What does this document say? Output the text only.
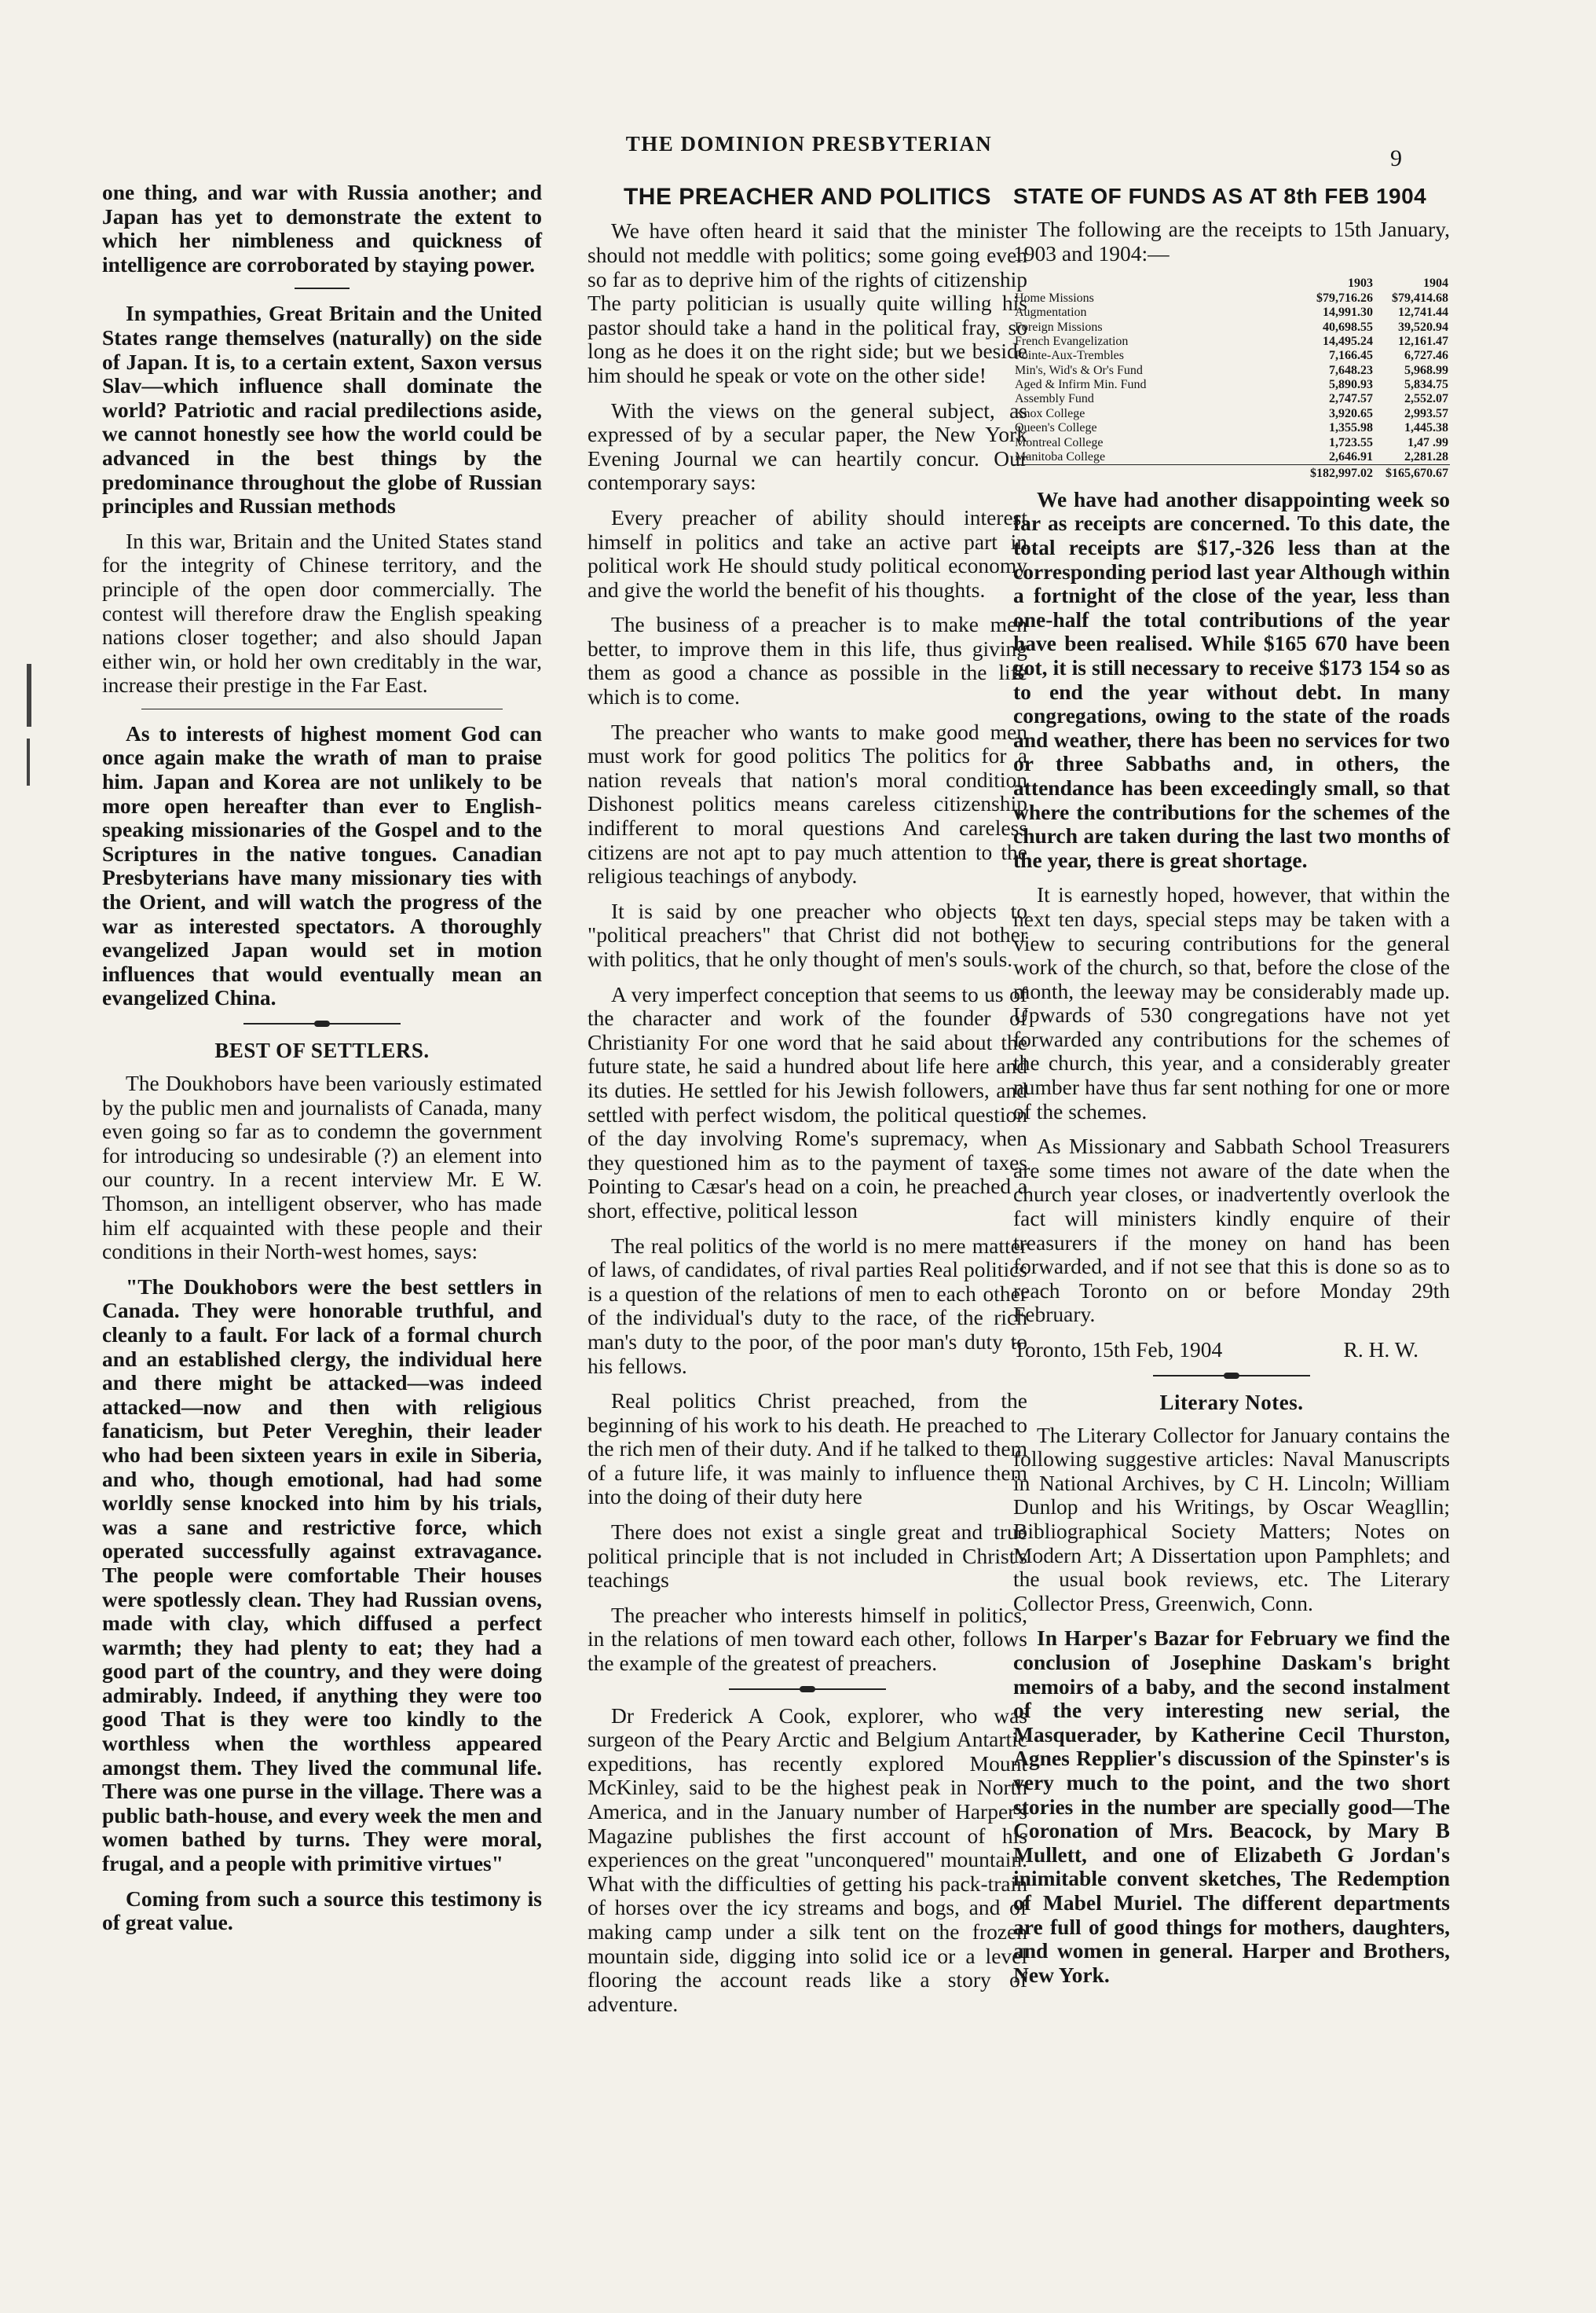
THE DOMINION PRESBYTERIAN
9

one thing, and war with Russia another; and Japan has yet to demonstrate the extent to which her nimbleness and quickness of intelligence are corroborated by staying power.

In sympathies, Great Britain and the United States range themselves (naturally) on the side of Japan. It is, to a certain extent, Saxon versus Slav—which influence shall dominate the world? Patriotic and racial predilections aside, we cannot honestly see how the world could be advanced in the best things by the predominance throughout the globe of Russian principles and Russian methods

In this war, Britain and the United States stand for the integrity of Chinese territory, and the principle of the open door commercially. The contest will therefore draw the English speaking nations closer together; and also should Japan either win, or hold her own creditably in the war, increase their prestige in the Far East.

As to interests of highest moment God can once again make the wrath of man to praise him. Japan and Korea are not unlikely to be more open hereafter than ever to English-speaking missionaries of the Gospel and to the Scriptures in the native tongues. Canadian Presbyterians have many missionary ties with the Orient, and will watch the progress of the war as interested spectators. A thoroughly evangelized Japan would set in motion influences that would eventually mean an evangelized China.

BEST OF SETTLERS.

The Doukhobors have been variously estimated by the public men and journalists of Canada, many even going so far as to condemn the government for introducing so undesirable (?) an element into our country. In a recent interview Mr. E W. Thomson, an intelligent observer, who has made him elf acquainted with these people and their conditions in their North-west homes, says:

"The Doukhobors were the best settlers in Canada. They were honorable truthful, and cleanly to a fault. For lack of a formal church and an established clergy, the individual here and there might be attacked—was indeed attacked—now and then with religious fanaticism, but Peter Vereghin, their leader who had been sixteen years in exile in Siberia, and who, though emotional, had had some worldly sense knocked into him by his trials, was a sane and restrictive force, which operated successfully against extravagance. The people were comfortable Their houses were spotlessly clean. They had Russian ovens, made with clay, which diffused a perfect warmth; they had plenty to eat; they had a good part of the country, and they were doing admirably. Indeed, if anything they were too good That is they were too kindly to the worthless when the worthless appeared amongst them. They lived the communal life. There was one purse in the village. There was a public bath-house, and every week the men and women bathed by turns. They were moral, frugal, and a people with primitive virtues"

Coming from such a source this testimony is of great value.

THE PREACHER AND POLITICS

We have often heard it said that the minister should not meddle with politics; some going even so far as to deprive him of the rights of citizenship The party politician is usually quite willing his pastor should take a hand in the political fray, so long as he does it on the right side; but we beside him should he speak or vote on the other side!

With the views on the general subject, as expressed of by a secular paper, the New York Evening Journal we can heartily concur. Our contemporary says:

Every preacher of ability should interest himself in politics and take an active part in political work He should study political economy and give the world the benefit of his thoughts.

The business of a preacher is to make men better, to improve them in this life, thus giving them as good a chance as possible in the life which is to come.

The preacher who wants to make good men must work for good politics The politics for a nation reveals that nation's moral condition Dishonest politics means careless citizenship indifferent to moral questions And careless citizens are not apt to pay much attention to the religious teachings of anybody.

It is said by one preacher who objects to "political preachers" that Christ did not bother with politics, that he only thought of men's souls.

A very imperfect conception that seems to us of the character and work of the founder of Christianity For one word that he said about the future state, he said a hundred about life here and its duties. He settled for his Jewish followers, and settled with perfect wisdom, the political question of the day involving Rome's supremacy, when they questioned him as to the payment of taxes Pointing to Cæsar's head on a coin, he preached a short, effective, political lesson

The real politics of the world is no mere matter of laws, of candidates, of rival parties Real politics is a question of the relations of men to each other of the individual's duty to the race, of the rich man's duty to the poor, of the poor man's duty to his fellows.

Real politics Christ preached, from the beginning of his work to his death. He preached to the rich men of their duty. And if he talked to them of a future life, it was mainly to influence them into the doing of their duty here

There does not exist a single great and true political principle that is not included in Christ's teachings

The preacher who interests himself in politics, in the relations of men toward each other, follows the example of the greatest of preachers.

Dr Frederick A Cook, explorer, who was surgeon of the Peary Arctic and Belgium Antartic expeditions, has recently explored Mount McKinley, said to be the highest peak in North America, and in the January number of Harper's Magazine publishes the first account of his experiences on the great "unconquered" mountain. What with the difficulties of getting his pack-train of horses over the icy streams and bogs, and of making camp under a silk tent on the frozen mountain side, digging into solid ice or a level flooring the account reads like a story of adventure.

STATE OF FUNDS AS AT 8th FEB 1904

The following are the receipts to 15th January, 1903 and 1904:—

	1903	1904
Home Missions	$79,716.26	$79,414.68
Augmentation	14,991.30	12,741.44
Foreign Missions	40,698.55	39,520.94
French Evangelization	14,495.24	12,161.47
Pointe-Aux-Trembles	7,166.45	6,727.46
Min's, Wid's & Or's Fund	7,648.23	5,968.99
Aged & Infirm Min. Fund	5,890.93	5,834.75
Assembly Fund	2,747.57	2,552.07
Knox College	3,920.65	2,993.57
Queen's College	1,355.98	1,445.38
Montreal College	1,723.55	1,47 .99
Manitoba College	2,646.91	2,281.28
	$182,997.02	$165,670.67

We have had another disappointing week so far as receipts are concerned. To this date, the total receipts are $17,-326 less than at the corresponding period last year Although within a fortnight of the close of the year, less than one-half the total contributions of the year have been realised. While $165 670 have been got, it is still necessary to receive $173 154 so as to end the year without debt. In many congregations, owing to the state of the roads and weather, there has been no services for two or three Sabbaths and, in others, the attendance has been exceedingly small, so that where the contributions for the schemes of the church are taken during the last two months of the year, there is great shortage.

It is earnestly hoped, however, that within the next ten days, special steps may be taken with a view to securing contributions for the general work of the church, so that, before the close of the month, the leeway may be considerably made up. Upwards of 530 congregations have not yet forwarded any contributions for the schemes of the church, this year, and a considerably greater number have thus far sent nothing for one or more of the schemes.

As Missionary and Sabbath School Treasurers are some times not aware of the date when the church year closes, or inadvertently overlook the fact will ministers kindly enquire of their treasurers if the money on hand has been forwarded, and if not see that this is done so as to reach Toronto on or before Monday 29th February.

Toronto, 15th Feb, 1904	R. H. W.
Literary Notes.

The Literary Collector for January contains the following suggestive articles: Naval Manuscripts in National Archives, by C H. Lincoln; William Dunlop and his Writings, by Oscar Weagllin; Bibliographical Society Matters; Notes on Modern Art; A Dissertation upon Pamphlets; and the usual book reviews, etc. The Literary Collector Press, Greenwich, Conn.

In Harper's Bazar for February we find the conclusion of Josephine Daskam's bright memoirs of a baby, and the second instalment of the very interesting new serial, the Masquerader, by Katherine Cecil Thurston, Agnes Repplier's discussion of the Spinster's is very much to the point, and the two short stories in the number are specially good—The Coronation of Mrs. Beacock, by Mary B Mullett, and one of Elizabeth G Jordan's inimitable convent sketches, The Redemption of Mabel Muriel. The different departments are full of good things for mothers, daughters, and women in general. Harper and Brothers, New York.
